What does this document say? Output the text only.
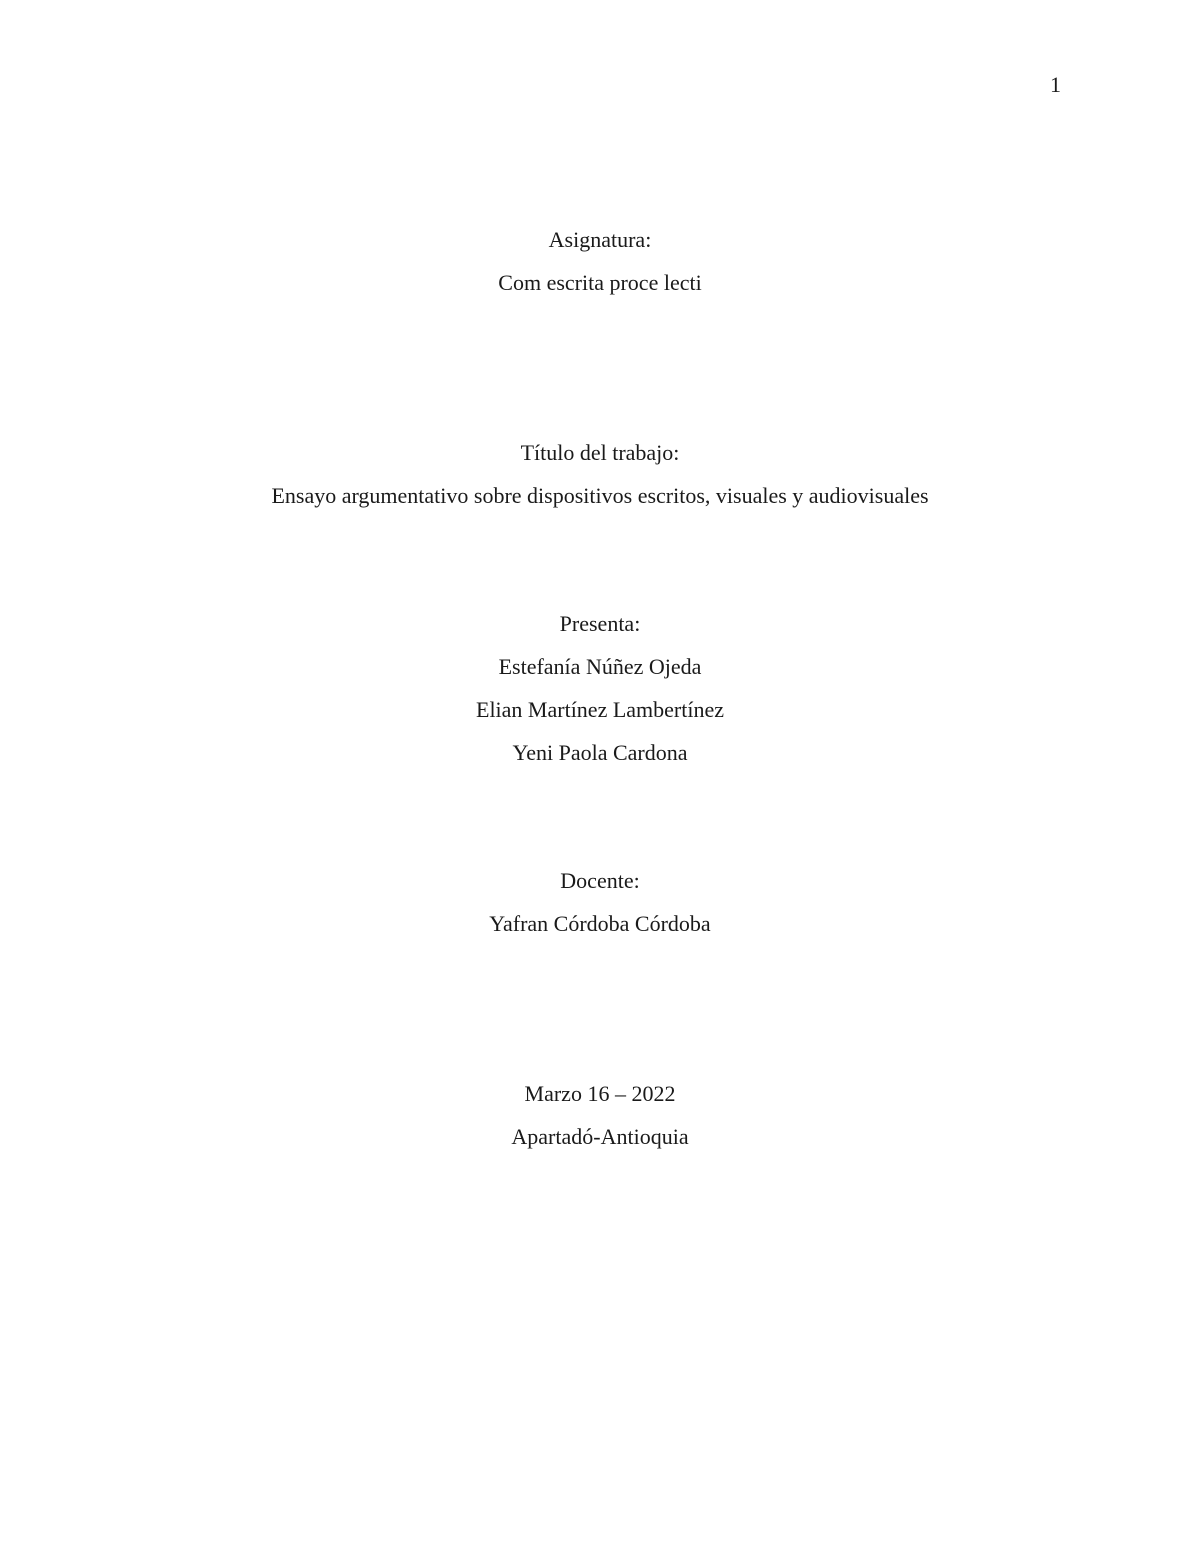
1
Asignatura:
Com escrita proce lecti
Título del trabajo:
Ensayo argumentativo sobre dispositivos escritos, visuales y audiovisuales
Presenta:
Estefanía Núñez Ojeda
Elian Martínez Lambertínez
Yeni Paola Cardona
Docente:
Yafran Córdoba Córdoba
Marzo 16 – 2022
Apartadó-Antioquia
